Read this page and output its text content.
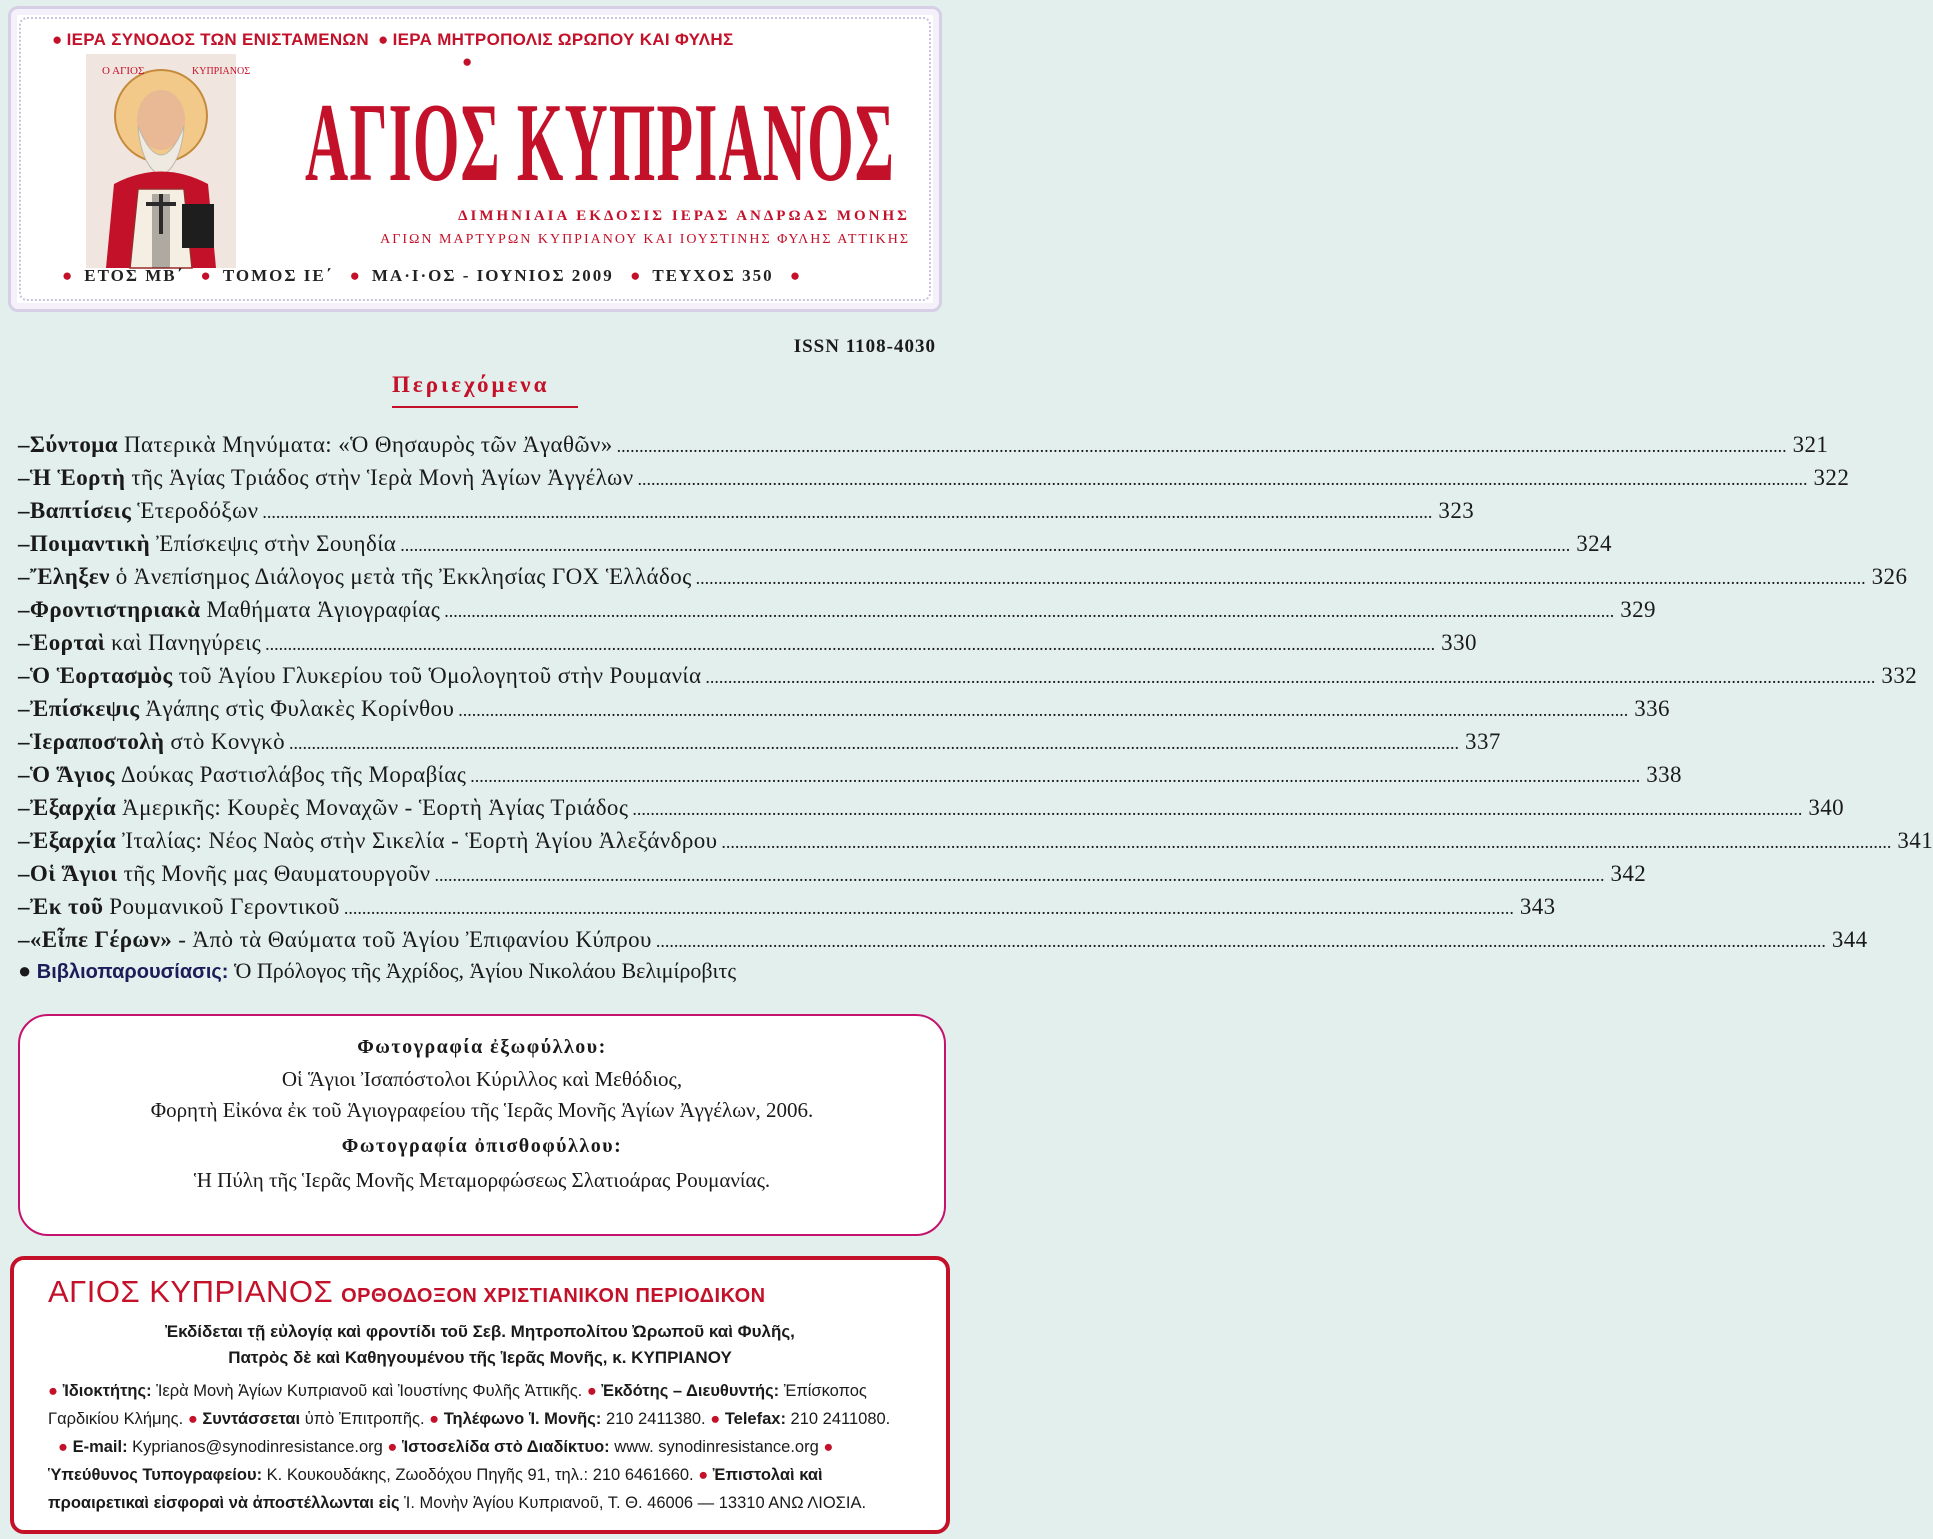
● ΙΕΡΑ ΣΥΝΟΔΟΣ ΤΩΝ ΕΝΙΣΤΑΜΕΝΩΝ ● ΙΕΡΑ ΜΗΤΡΟΠΟΛΙΣ ΩΡΩΠΟΥ ΚΑΙ ΦΥΛΗΣ
●
Ο ΑΓΙΟΣ	ΚΥΠΡΙΑΝΟΣ
ΑΓΙΟΣ ΚΥΠΡΙΑΝΟΣ
ΔΙΜΗΝΙΑΙΑ ΕΚΔΟΣΙΣ ΙΕΡΑΣ ΑΝΔΡΩΑΣ ΜΟΝΗΣ
ΑΓΙΩΝ ΜΑΡΤΥΡΩΝ ΚΥΠΡΙΑΝΟΥ ΚΑΙ ΙΟΥΣΤΙΝΗΣ ΦΥΛΗΣ ΑΤΤΙΚΗΣ
● ΕΤΟΣ ΜΒ΄ ● ΤΟΜΟΣ ΙΕ΄ ● ΜΑ·Ι·ΟΣ - ΙΟΥΝΙΟΣ 2009 ● ΤΕΥΧΟΣ 350 ●
ISSN 1108-4030
Περιεχόμενα
– Σύντομα Πατερικὰ Μηνύματα: «Ὁ Θησαυρὸς τῶν Ἀγαθῶν» .....	321
– Ἡ Ἑορτὴ τῆς Ἁγίας Τριάδος στὴν Ἱερὰ Μονὴ Ἁγίων Ἀγγέλων .....	322
– Βαπτίσεις Ἑτεροδόξων .....	323
– Ποιμαντικὴ Ἐπίσκεψις στὴν Σουηδία .....	324
– Ἔληξεν ὁ Ἀνεπίσημος Διάλογος μετὰ τῆς Ἐκκλησίας ΓΟΧ Ἑλλάδος .....	326
– Φροντιστηριακὰ Μαθήματα Ἁγιογραφίας .....	329
– Ἑορταὶ καὶ Πανηγύρεις .....	330
– Ὁ Ἑορτασμὸς τοῦ Ἁγίου Γλυκερίου τοῦ Ὁμολογητοῦ στὴν Ρουμανία .....	332
– Ἐπίσκεψις Ἀγάπης στὶς Φυλακὲς Κορίνθου .....	336
– Ἱεραποστολὴ στὸ Κονγκὸ .....	337
– Ὁ Ἅγιος Δούκας Ραστισλάβος τῆς Μοραβίας .....	338
– Ἐξαρχία Ἀμερικῆς: Κουρὲς Μοναχῶν - Ἑορτὴ Ἁγίας Τριάδος .....	340
– Ἐξαρχία Ἰταλίας: Νέος Ναὸς στὴν Σικελία - Ἑορτὴ Ἁγίου Ἀλεξάνδρου .....	341
– Οἱ Ἅγιοι τῆς Μονῆς μας Θαυματουργοῦν .....	342
– Ἐκ τοῦ Ρουμανικοῦ Γεροντικοῦ .....	343
– «Εἶπε Γέρων» - Ἀπὸ τὰ Θαύματα τοῦ Ἁγίου Ἐπιφανίου Κύπρου .....	344
● Βιβλιοπαρουσίασις: Ὁ Πρόλογος τῆς Ἀχρίδος, Ἁγίου Νικολάου Βελιμίροβιτς
Φωτογραφία ἐξωφύλλου:
Οἱ Ἅγιοι Ἰσαπόστολοι Κύριλλος καὶ Μεθόδιος,
Φορητὴ Εἰκόνα ἐκ τοῦ Ἁγιογραφείου τῆς Ἱερᾶς Μονῆς Ἁγίων Ἀγγέλων, 2006.
Φωτογραφία ὀπισθοφύλλου:
Ἡ Πύλη τῆς Ἱερᾶς Μονῆς Μεταμορφώσεως Σλατιοάρας Ρουμανίας.
ΑΓΙΟΣ ΚΥΠΡΙΑΝΟΣ ΟΡΘΟΔΟΞΟΝ ΧΡΙΣΤΙΑΝΙΚΟΝ ΠΕΡΙΟΔΙΚΟΝ
Ἐκδίδεται τῇ εὐλογίᾳ καὶ φροντίδι τοῦ Σεβ. Μητροπολίτου Ὠρωποῦ καὶ Φυλῆς,
Πατρὸς δὲ καὶ Καθηγουμένου τῆς Ἱερᾶς Μονῆς, κ. ΚΥΠΡΙΑΝΟΥ
● Ἰδιοκτήτης: Ἱερὰ Μονὴ Ἁγίων Κυπριανοῦ καὶ Ἰουστίνης Φυλῆς Ἀττικῆς. ● Ἐκδότης – Διευθυντής: Ἐπίσκοπος
Γαρδικίου Κλήμης. ● Συντάσσεται ὑπὸ Ἐπιτροπῆς. ● Τηλέφωνο Ἱ. Μονῆς: 210 2411380. ● Telefax: 210 2411080.
● E-mail: Kyprianos@synodinresistance.org ● Ἱστοσελίδα στὸ Διαδίκτυο: www. synodinresistance.org ●
Ὑπεύθυνος Τυπογραφείου: Κ. Κουκουδάκης, Ζωοδόχου Πηγῆς 91, τηλ.: 210 6461660. ● Ἐπιστολαὶ καὶ
προαιρετικαὶ εἰσφοραὶ νὰ ἀποστέλλωνται εἰς Ἱ. Μονὴν Ἁγίου Κυπριανοῦ, Τ. Θ. 46006 — 13310 ΑΝΩ ΛΙΟΣΙΑ.
